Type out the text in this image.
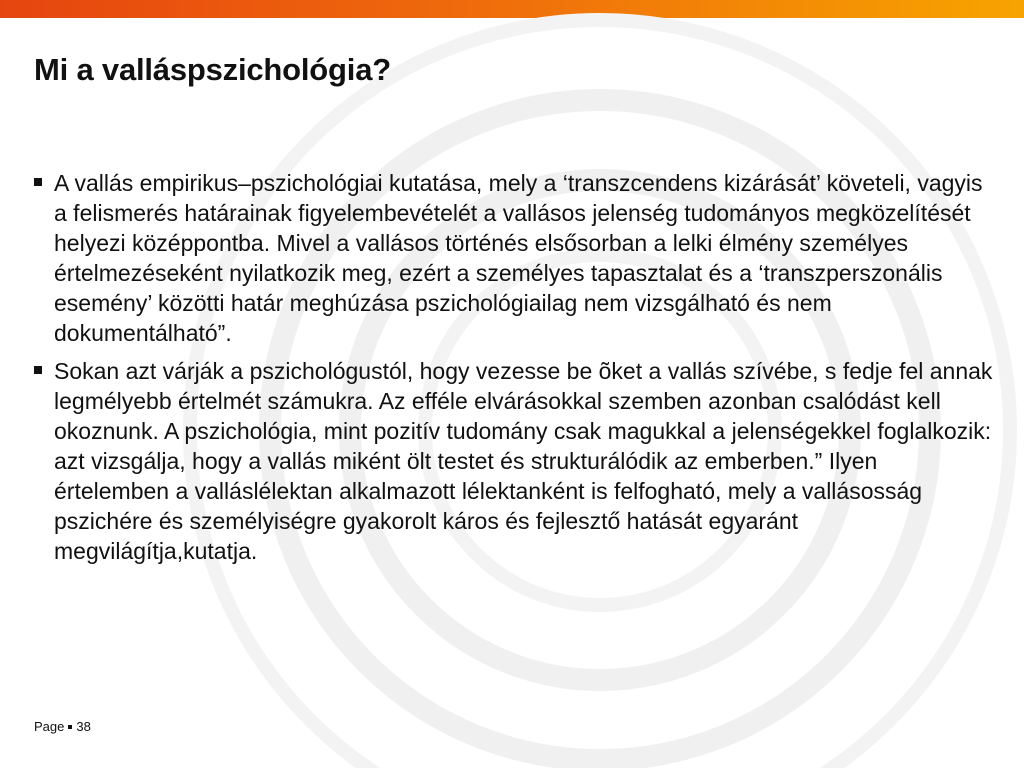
Mi a valláspszichológia?
A vallás empirikus–pszichológiai kutatása, mely a ‘transzcendens kizárását’ követeli, vagyis a felismerés határainak figyelembevételét a vallásos jelenség tudományos megközelítését helyezi középpontba. Mivel a vallásos történés elsősorban a lelki élmény személyes értelmezéseként nyilatkozik meg, ezért a személyes tapasztalat és a ‘transzperszonális esemény’ közötti határ meghúzása pszichológiailag nem vizsgálható és nem dokumentálható”.
Sokan azt várják a pszichológustól, hogy vezesse be õket a vallás szívébe, s fedje fel annak legmélyebb értelmét számukra. Az efféle elvárásokkal szemben azonban csalódást kell okoznunk. A pszichológia, mint pozitív tudomány csak magukkal a jelenségekkel foglalkozik: azt vizsgálja, hogy a vallás miként ölt testet és strukturálódik az emberben.” Ilyen értelemben a valláslélektan alkalmazott lélektanként is felfogható, mely a vallásosság pszichére és személyiségre gyakorolt káros és fejlesztő hatását egyaránt megvilágítja,kutatja.
Page 38
